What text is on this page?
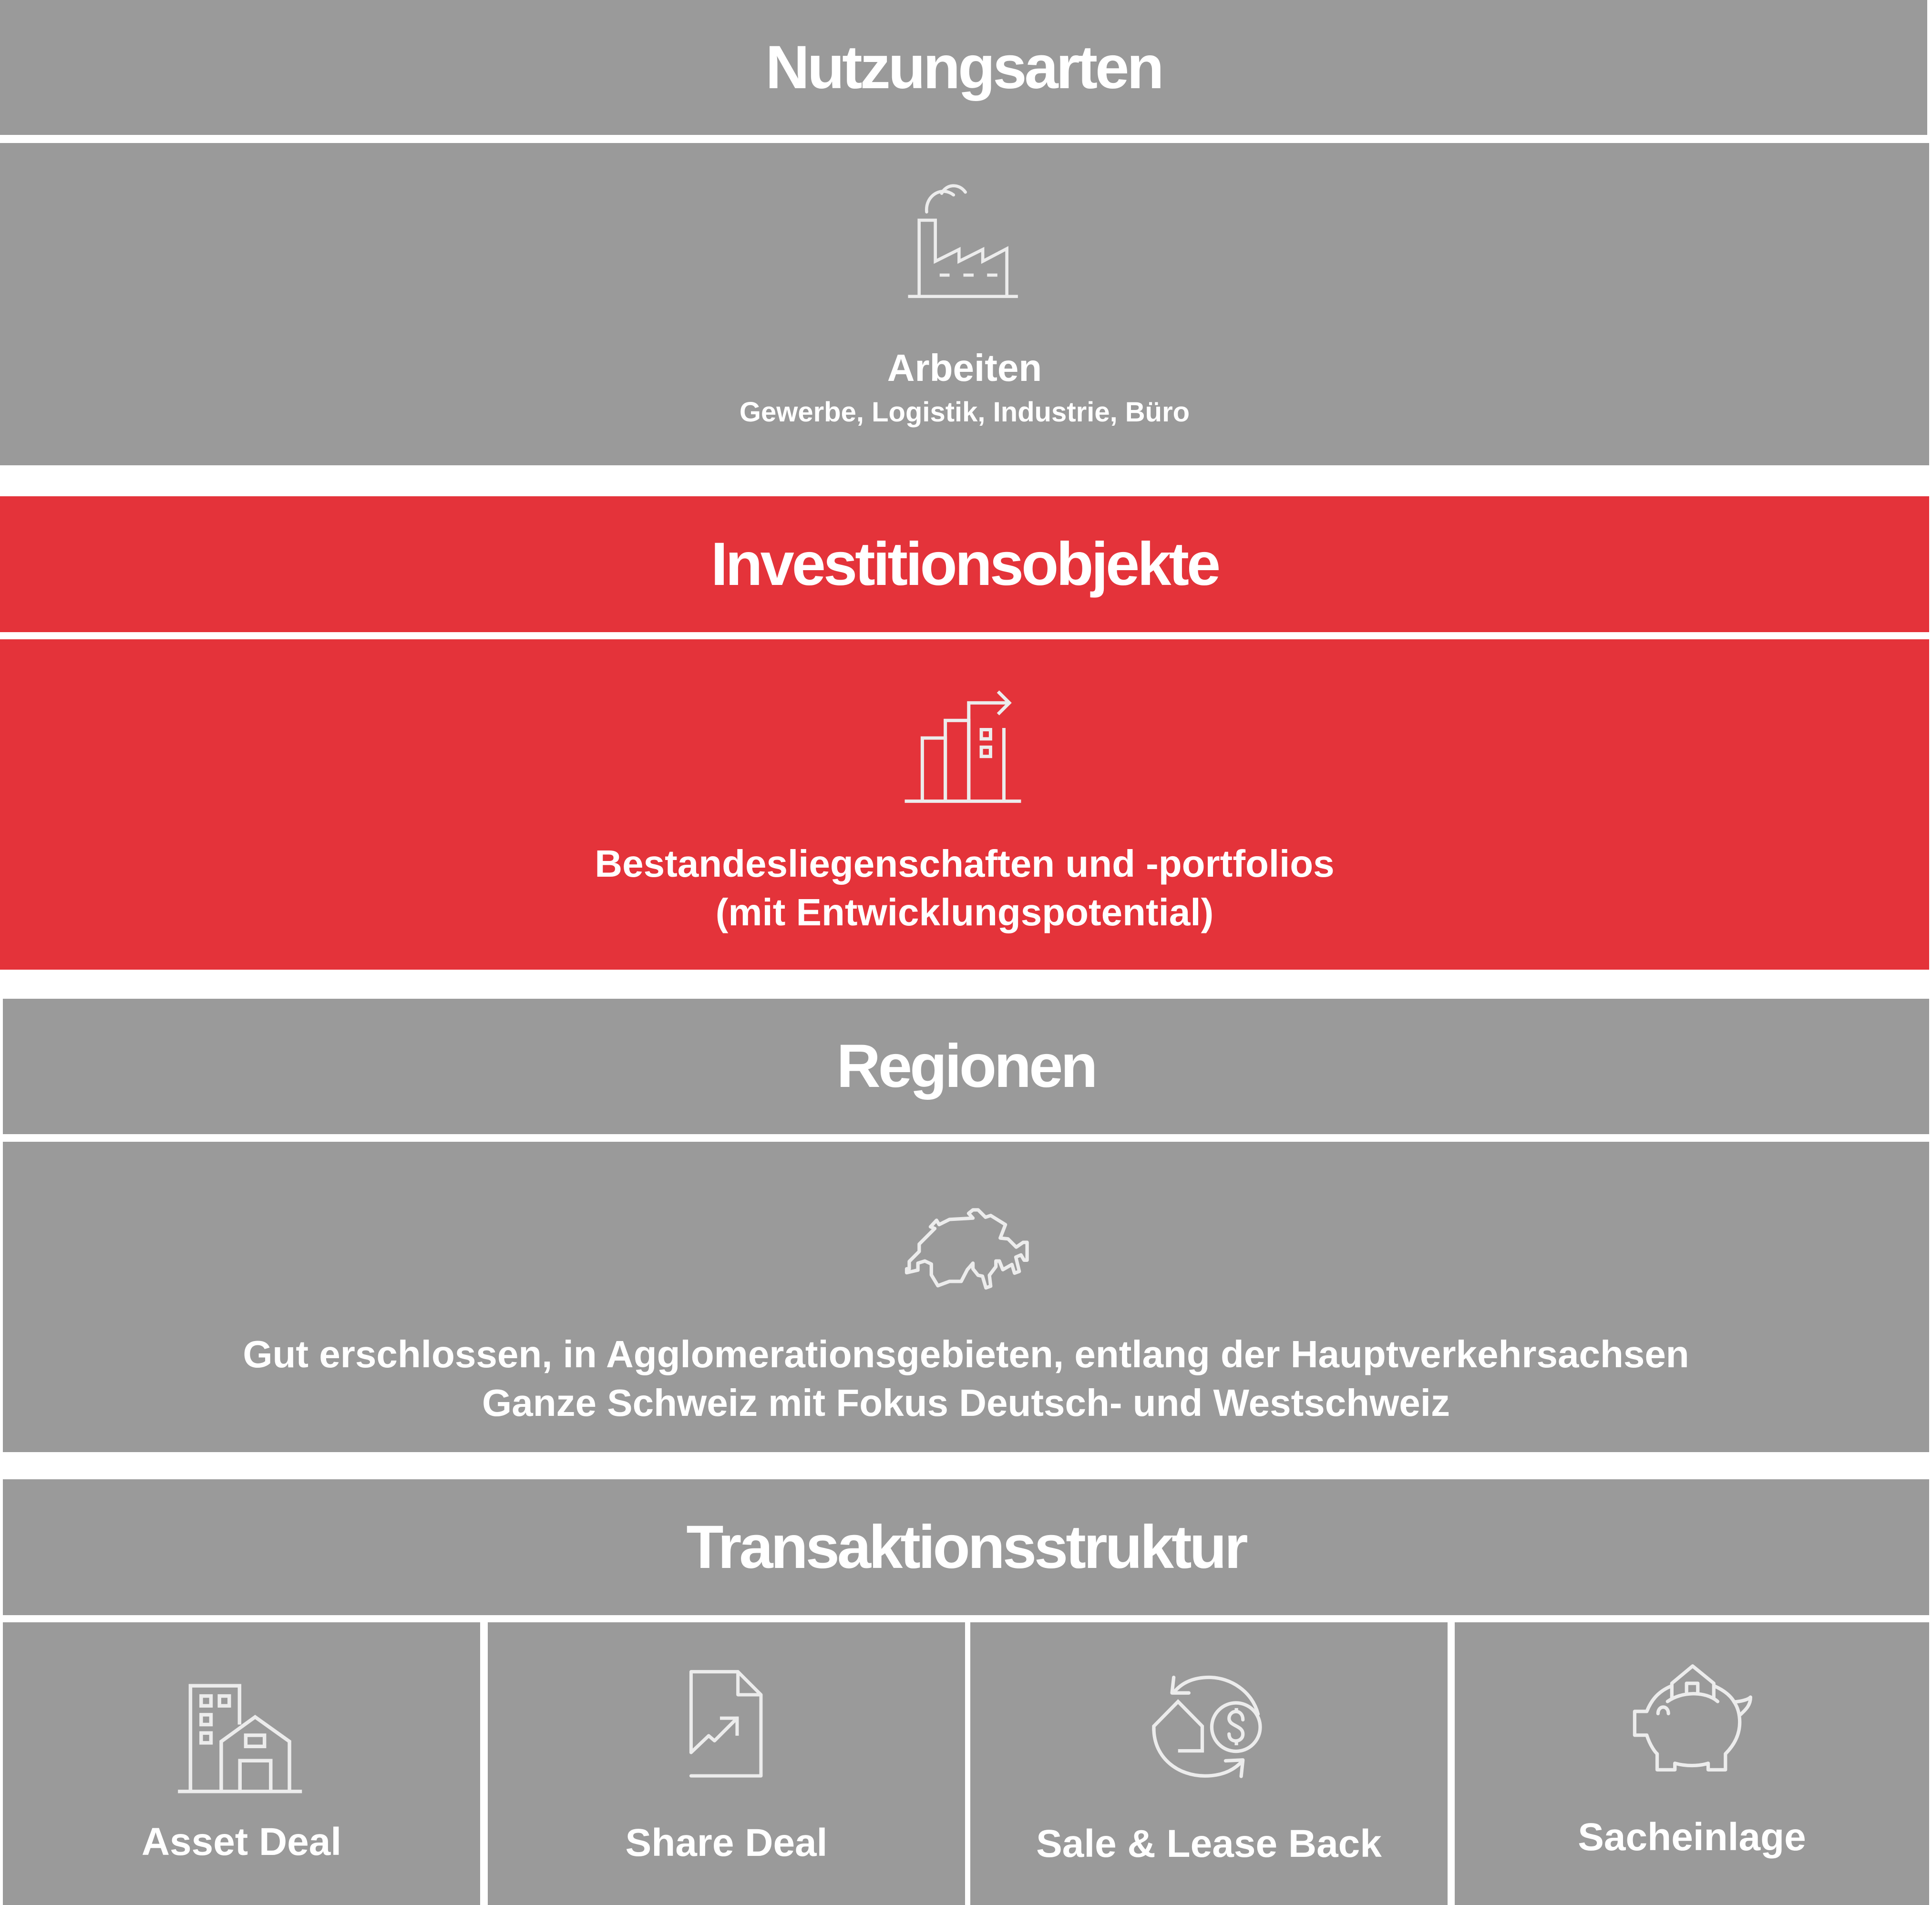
Nutzungsarten
Arbeiten
Gewerbe, Logistik, Industrie, Büro
Investitionsobjekte
Bestandesliegenschaften und -portfolios
(mit Entwicklungspotential)
Regionen
Gut erschlossen, in Agglomerationsgebieten, entlang der Hauptverkehrsachsen
Ganze Schweiz mit Fokus Deutsch- und Westschweiz
Transaktionsstruktur
Asset Deal	Share Deal	Sale & Lease Back	Sacheinlage
